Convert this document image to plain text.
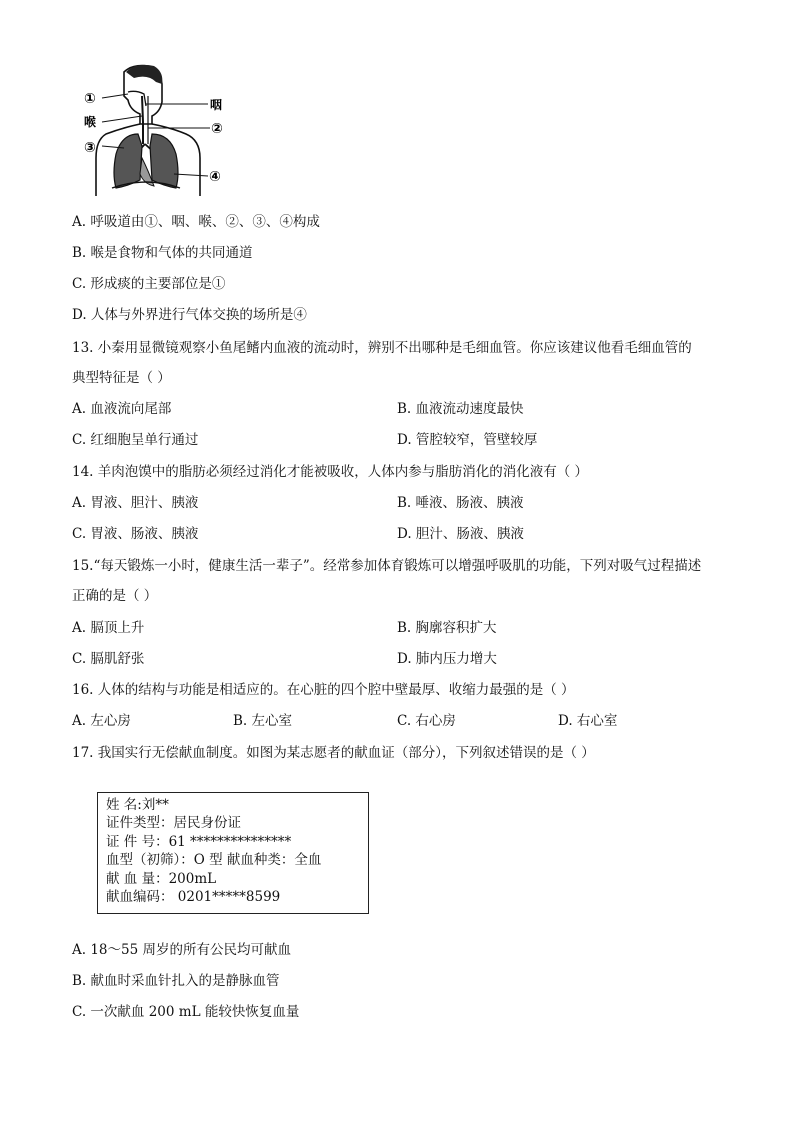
①	咽
喉	②
③
④
A. 呼吸道由①、咽、喉、②、③、④构成
B. 喉是食物和气体的共同通道
C. 形成痰的主要部位是①
D. 人体与外界进行气体交换的场所是④
13. 小秦用显微镜观察小鱼尾鳍内血液的流动时，辨别不出哪种是毛细血管。你应该建议他看毛细血管的
典型特征是（ ）
A. 血液流向尾部	B. 血液流动速度最快
C. 红细胞呈单行通过	D. 管腔较窄，管壁较厚
14. 羊肉泡馍中的脂肪必须经过消化才能被吸收，人体内参与脂肪消化的消化液有（ ）
A. 胃液、胆汁、胰液	B. 唾液、肠液、胰液
C. 胃液、肠液、胰液	D. 胆汁、肠液、胰液
15.“每天锻炼一小时，健康生活一辈子”。经常参加体育锻炼可以增强呼吸肌的功能，下列对吸气过程描述
正确的是（ ）
A. 膈顶上升	B. 胸廓容积扩大
C. 膈肌舒张	D. 肺内压力增大
16. 人体的结构与功能是相适应的。在心脏的四个腔中壁最厚、收缩力最强的是（ ）
A. 左心房	B. 左心室	C. 右心房	D. 右心室
17. 我国实行无偿献血制度。如图为某志愿者的献血证（部分），下列叙述错误的是（ ）
姓 名:刘**
证件类型：居民身份证
证 件 号：61 ***************
血型（初筛）：O 型 献血种类：全血
献 血 量：200mL
献血编码： 0201*****8599
A. 18～55 周岁的所有公民均可献血
B. 献血时采血针扎入的是静脉血管
C. 一次献血 200 mL 能较快恢复血量
